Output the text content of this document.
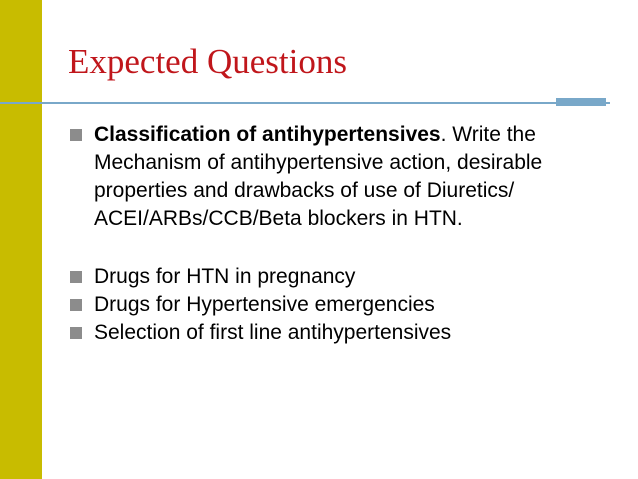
Expected Questions
Classification of antihypertensives. Write the Mechanism of antihypertensive action, desirable properties and drawbacks of use of Diuretics/ ACEI/ARBs/CCB/Beta blockers in HTN.
Drugs for HTN in pregnancy
Drugs for Hypertensive emergencies
Selection of first line antihypertensives
